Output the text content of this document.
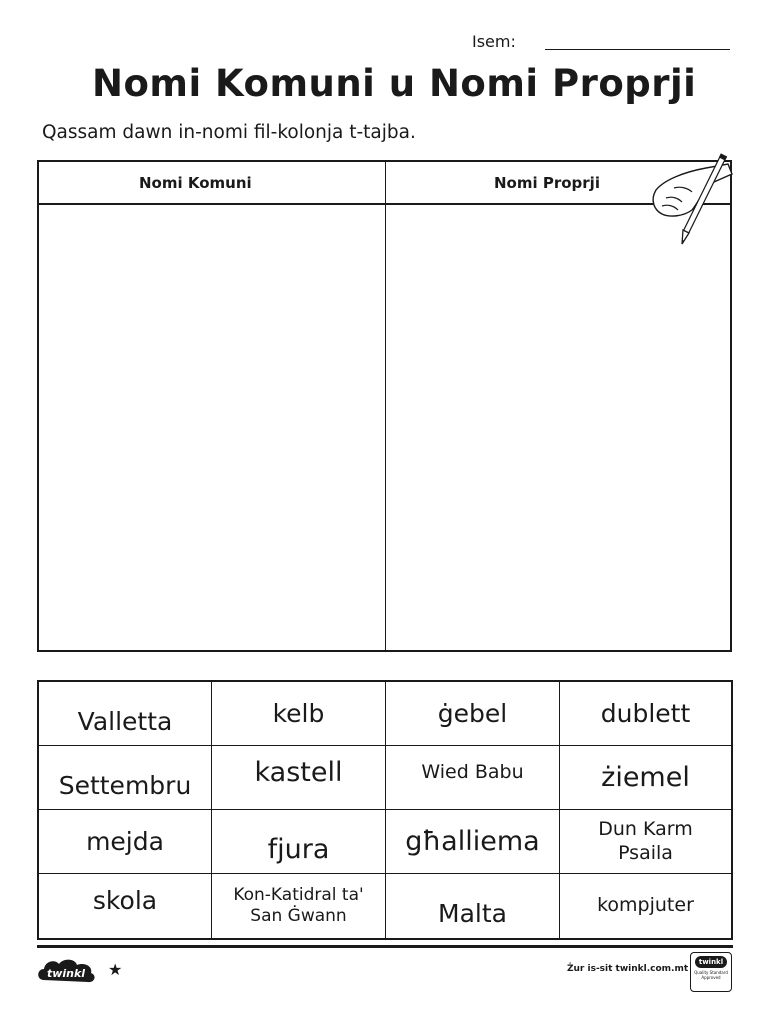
Isem:
Nomi Komuni u Nomi Proprji
Qassam dawn in-nomi fil-kolonja t-tajba.
Nomi Komuni	Nomi Proprji
Valletta	kelb	ġebel	dublett
Settembru	kastell	Wied Babu	żiemel
mejda	fjura	għalliema	Dun Karm Psaila
skola	Kon-Katidral ta' San Ġwann	Malta	kompjuter
twinkl ★	Żur is-sit twinkl.com.mt
twinkl
Quality Standard Approved
